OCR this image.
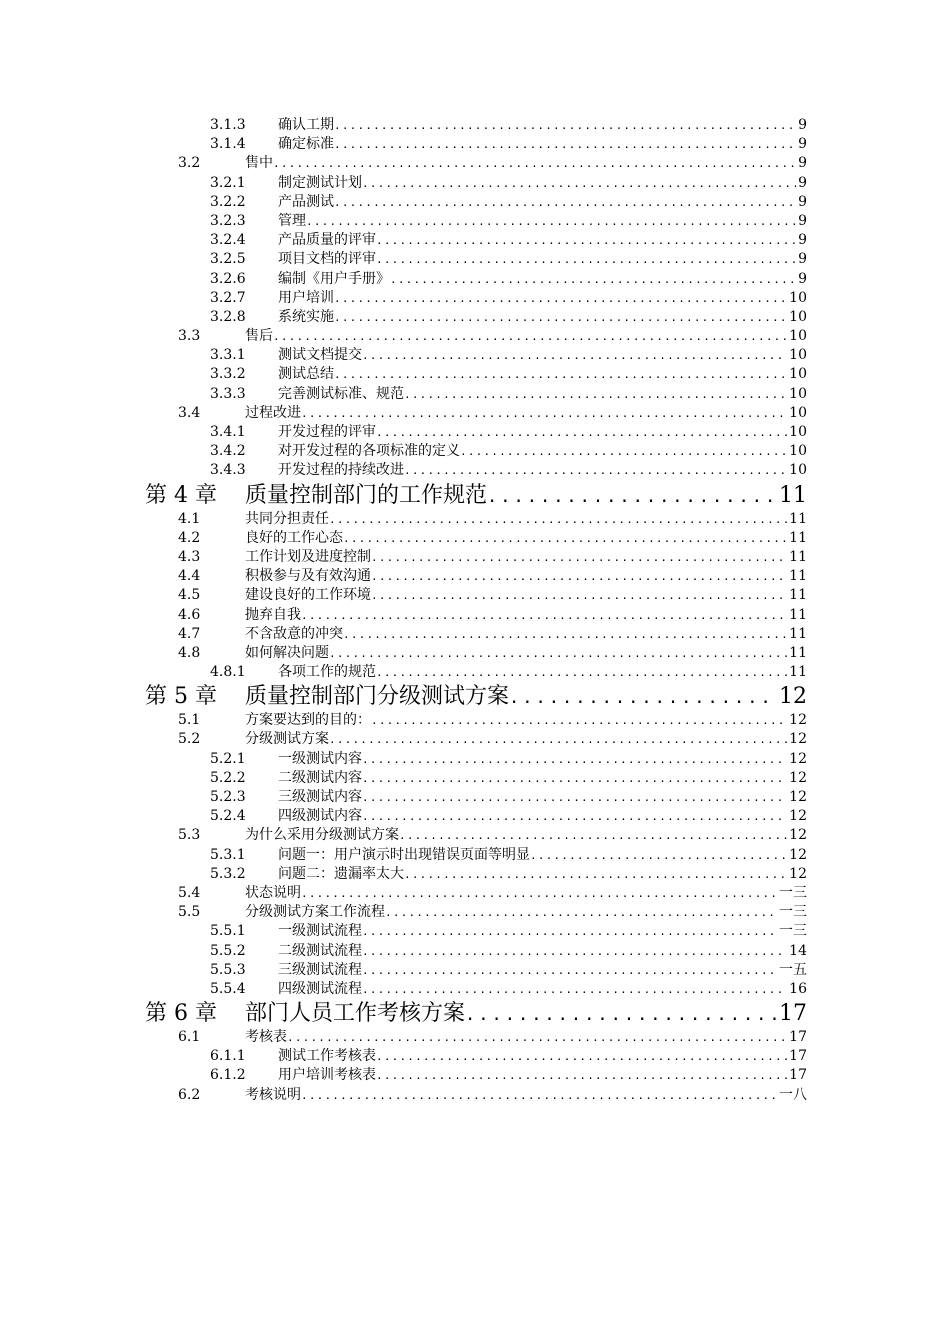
3.1.3 确认工期 .....	9
3.1.4 确定标准 .....	9
3.2	售中 .....	9
3.2.1 制定测试计划 .....	9
3.2.2 产品测试 .....	9
3.2.3 管理 .....	9
3.2.4 产品质量的评审 .....	9
3.2.5 项目文档的评审 .....	9
3.2.6 编制《用户手册》 .....	9
3.2.7 用户培训 .....	10
3.2.8 系统实施 .....	10
3.3	售后 .....	10
3.3.1 测试文档提交 .....	10
3.3.2 测试总结 .....	10
3.3.3 完善测试标准、规范 .....	10
3.4	过程改进 .....	10
3.4.1 开发过程的评审 .....	10
3.4.2 对开发过程的各项标准的定义 .....	10
3.4.3 开发过程的持续改进 .....	10
第 4 章 质量控制部门的工作规范 .....	11
4.1	共同分担责任 .....	11
4.2	良好的工作心态 .....	11
4.3	工作计划及进度控制 .....	11
4.4	积极参与及有效沟通 .....	11
4.5	建设良好的工作环境 .....	11
4.6	抛弃自我 .....	11
4.7	不含敌意的冲突 .....	11
4.8	如何解决问题 .....	11
4.8.1 各项工作的规范 .....	11
第 5 章 质量控制部门分级测试方案 .....	12
5.1	方案要达到的目的： .....	12
5.2	分级测试方案 .....	12
5.2.1 一级测试内容 .....	12
5.2.2 二级测试内容 .....	12
5.2.3 三级测试内容 .....	12
5.2.4 四级测试内容 .....	12
5.3	为什么采用分级测试方案 .....	12
5.3.1 问题一：用户演示时出现错误页面等明显 .....	12
5.3.2 问题二：遗漏率太大 .....	12
5.4	状态说明 .....	一三
5.5	分级测试方案工作流程 .....	一三
5.5.1 一级测试流程 .....	一三
5.5.2 二级测试流程 .....	14
5.5.3 三级测试流程 .....	一五
5.5.4 四级测试流程 .....	16
第 6 章 部门人员工作考核方案 .....	17
6.1	考核表 .....	17
6.1.1 测试工作考核表 .....	17
6.1.2 用户培训考核表 .....	17
6.2	考核说明 .....	一八
